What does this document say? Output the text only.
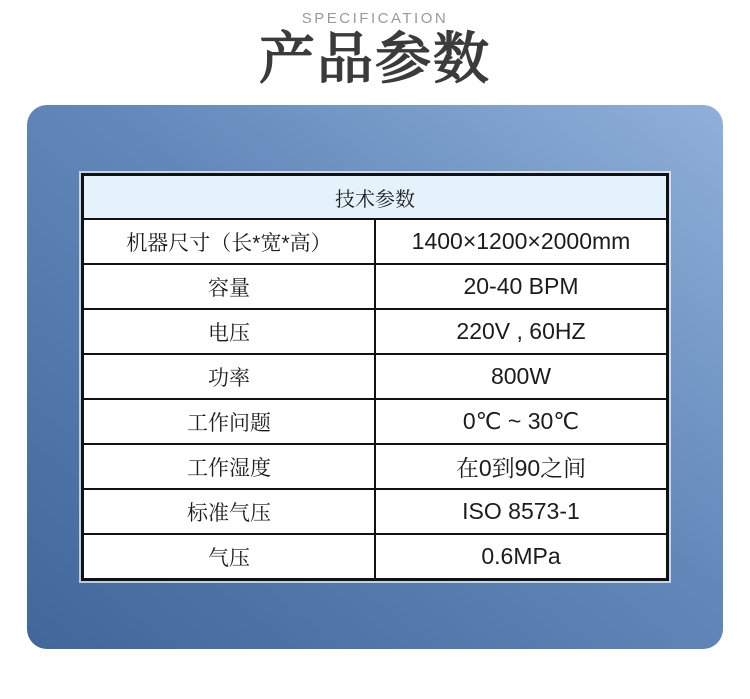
SPECIFICATION
产品参数
技术参数	
机器尺寸（长*宽*高）	1400×1200×2000mm
容量	20-40 BPM
电压	220V , 60HZ
功率	800W
工作问题	0℃ ~ 30℃
工作湿度	在0到90之间
标准气压	ISO 8573-1
气压	0.6MPa
